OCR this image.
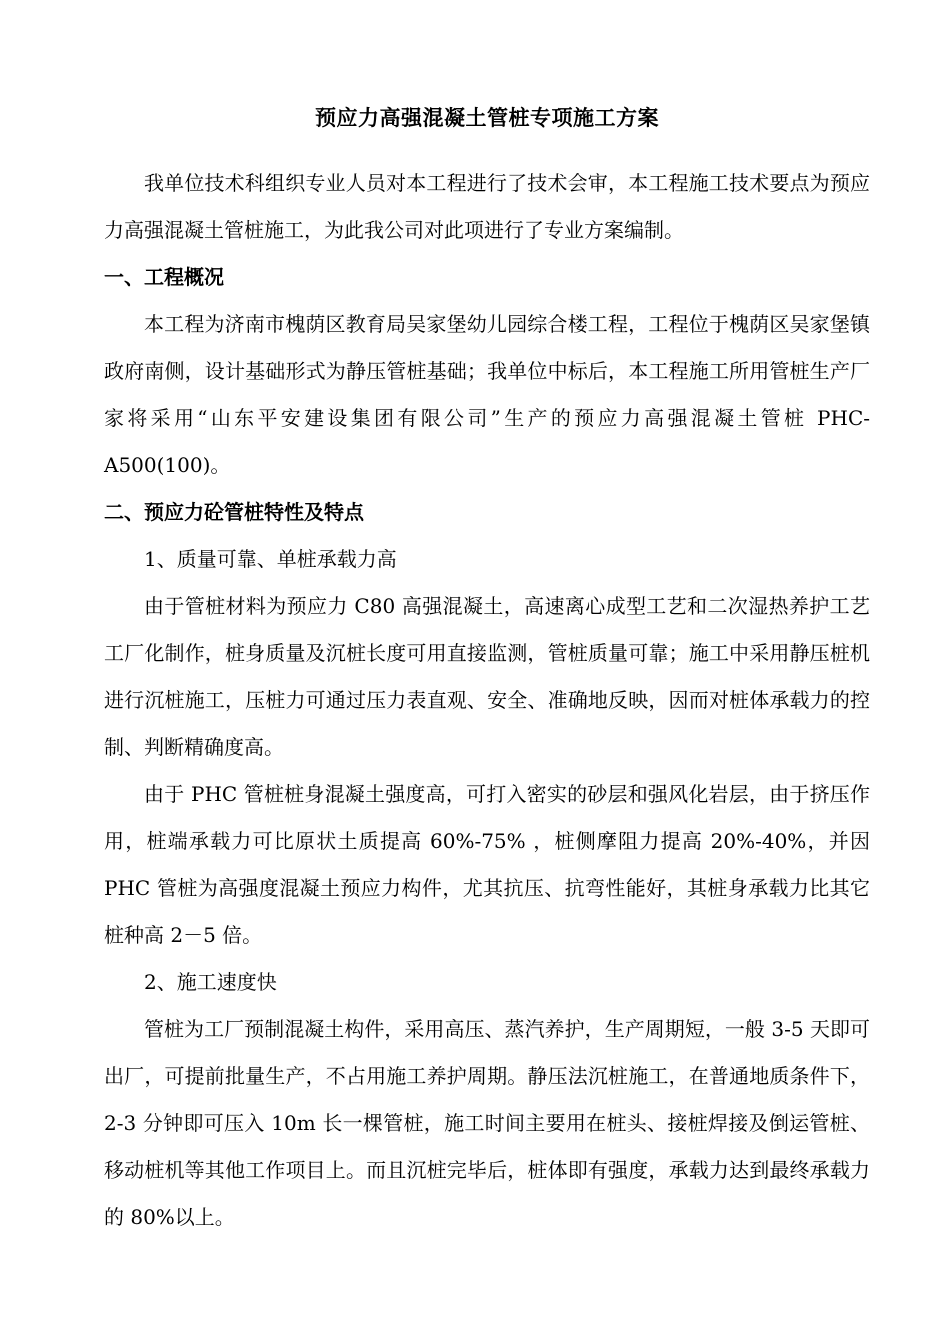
预应力高强混凝土管桩专项施工方案

我单位技术科组织专业人员对本工程进行了技术会审，本工程施工技术要点为预应力高强混凝土管桩施工，为此我公司对此项进行了专业方案编制。

一、工程概况

本工程为济南市槐荫区教育局吴家堡幼儿园综合楼工程，工程位于槐荫区吴家堡镇政府南侧，设计基础形式为静压管桩基础；我单位中标后，本工程施工所用管桩生产厂家将采用“山东平安建设集团有限公司”生产的预应力高强混凝土管桩 PHC-A500(100)。

二、预应力砼管桩特性及特点

1、质量可靠、单桩承载力高

由于管桩材料为预应力 C80 高强混凝土，高速离心成型工艺和二次湿热养护工艺工厂化制作，桩身质量及沉桩长度可用直接监测，管桩质量可靠；施工中采用静压桩机进行沉桩施工，压桩力可通过压力表直观、安全、准确地反映，因而对桩体承载力的控制、判断精确度高。

由于 PHC 管桩桩身混凝土强度高，可打入密实的砂层和强风化岩层，由于挤压作用，桩端承载力可比原状土质提高 60%-75% ，桩侧摩阻力提高 20%-40%，并因 PHC 管桩为高强度混凝土预应力构件，尤其抗压、抗弯性能好，其桩身承载力比其它桩种高 2－5 倍。

2、施工速度快

管桩为工厂预制混凝土构件，采用高压、蒸汽养护，生产周期短，一般 3-5 天即可出厂，可提前批量生产，不占用施工养护周期。静压法沉桩施工，在普通地质条件下，2-3 分钟即可压入 10m 长一棵管桩，施工时间主要用在桩头、接桩焊接及倒运管桩、移动桩机等其他工作项目上。而且沉桩完毕后，桩体即有强度，承载力达到最终承载力的 80%以上。
